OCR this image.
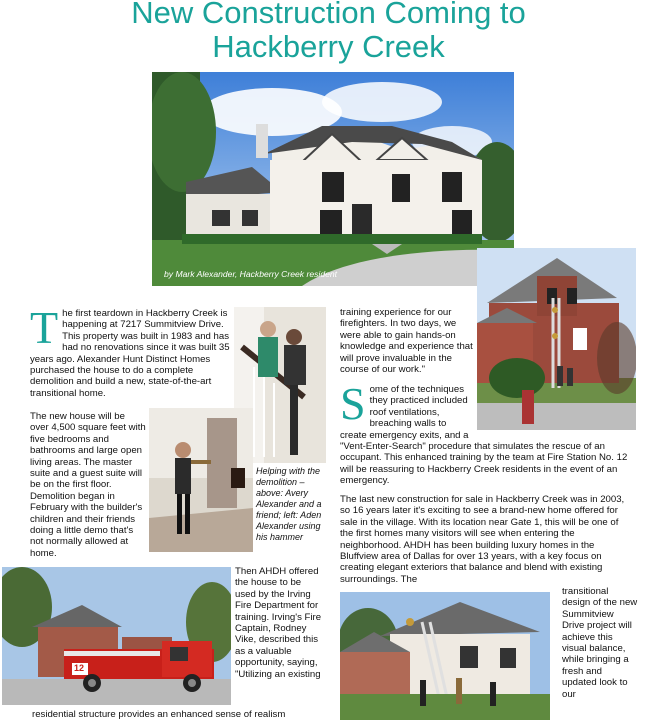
New Construction Coming to
Hackberry Creek
by Mark Alexander, Hackberry Creek resident
The first teardown in Hackberry Creek is happening at 7217 Summitview Drive. This property was built in 1983 and has had no renovations since it was built 35 years ago. Alexander Hunt Distinct Homes purchased the house to do a complete demolition and build a new, state-of-the-art transitional home.
The new house will be over 4,500 square feet with five bedrooms and bathrooms and large open living areas. The master suite and a guest suite will be on the first floor. Demolition began in February with the builder's children and their friends doing a little demo that's not normally allowed at home.
Helping with the demolition – above: Avery Alexander and a friend; left: Aden Alexander using his hammer
training experience for our firefighters. In two days, we were able to gain hands-on knowledge and experience that will prove invaluable in the course of our work."
Some of the techniques they practiced included roof ventilations, breaching walls to create emergency exits, and a
"Vent-Enter-Search" procedure that simulates the rescue of an occupant. This enhanced training by the team at Fire Station No. 12 will be reassuring to Hackberry Creek residents in the event of an emergency.
The last new construction for sale in Hackberry Creek was in 2003, so 16 years later it's exciting to see a brand-new home offered for sale in the village. With its location near Gate 1, this will be one of the first homes many visitors will see when entering the neighborhood. AHDH has been building luxury homes in the Bluffview area of Dallas for over 13 years, with a key focus on creating elegant exteriors that balance and blend with existing surroundings. The
transitional design of the new Summitview Drive project will achieve this visual balance, while bringing a fresh and updated look to our
12
Then AHDH offered the house to be used by the Irving Fire Department for training. Irving's Fire Captain, Rodney Vike, described this as a valuable opportunity, saying, "Utilizing an existing
residential structure provides an enhanced sense of realism
